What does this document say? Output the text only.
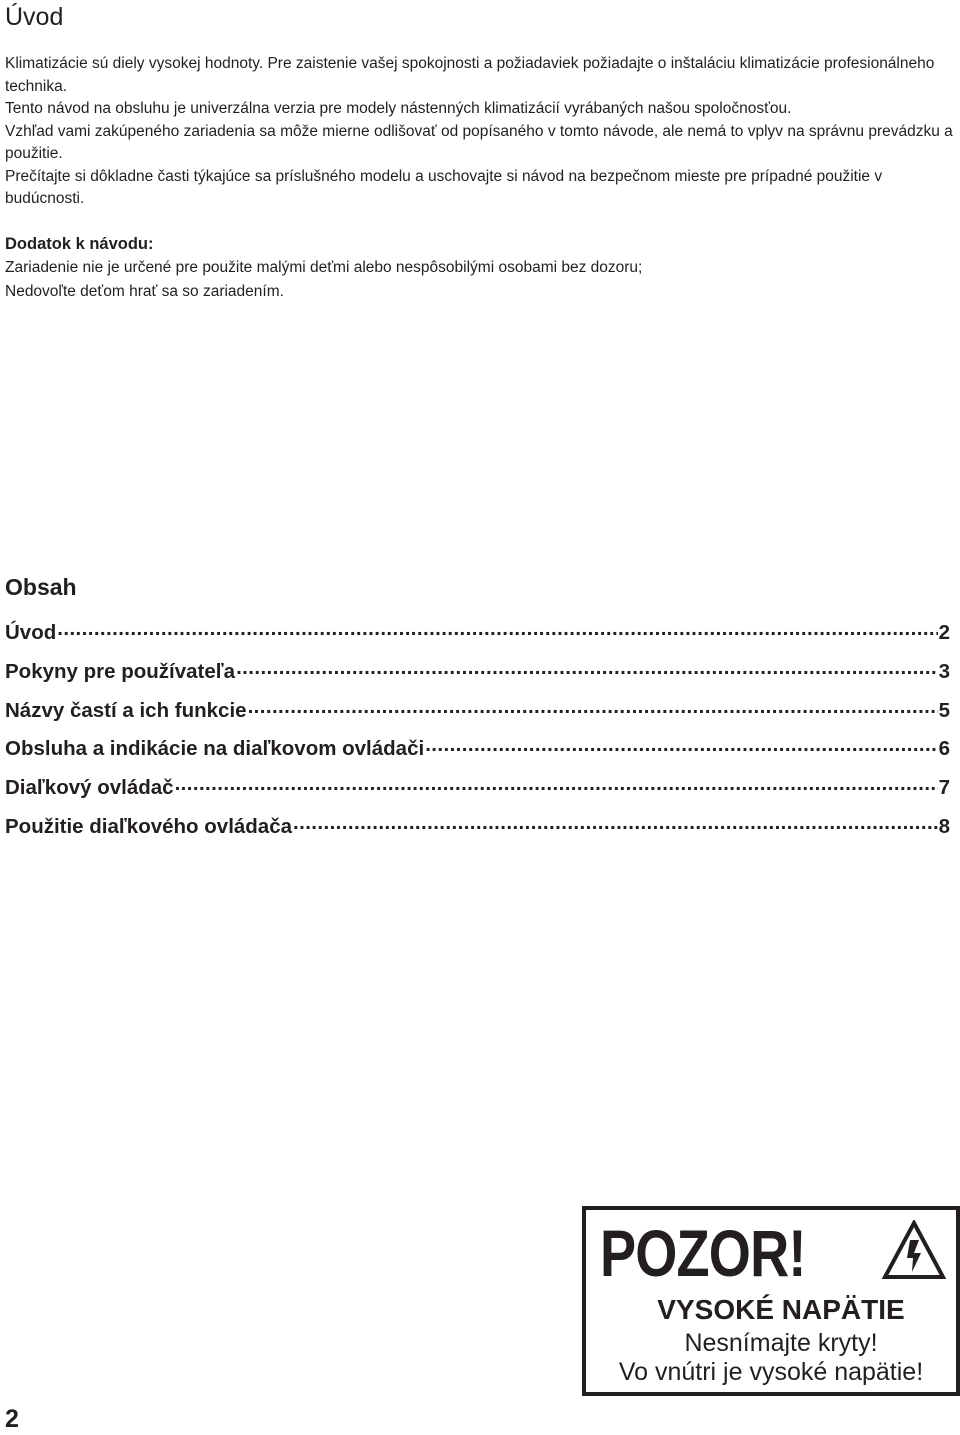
Úvod

Klimatizácie sú diely vysokej hodnoty. Pre zaistenie vašej spokojnosti a požiadaviek požiadajte o inštaláciu klimatizácie profesionálneho technika.

Tento návod na obsluhu je univerzálna verzia pre modely nástenných klimatizácií vyrábaných našou spoločnosťou.

Vzhľad vami zakúpeného zariadenia sa môže mierne odlišovať od popísaného v tomto návode, ale nemá to vplyv na správnu prevádzku a použitie.

Prečítajte si dôkladne časti týkajúce sa príslušného modelu a uschovajte si návod na bezpečnom mieste pre prípadné použitie v budúcnosti.

Dodatok k návodu:

Zariadenie nie je určené pre použite malými deťmi alebo nespôsobilými osobami bez dozoru;

Nedovoľte deťom hrať sa so zariadením.

Obsah
Úvod .....	2
Pokyny pre používateľa .....	3
Názvy častí a ich funkcie .....	5
Obsluha a indikácie na diaľkovom ovládači .....	6
Diaľkový ovládač .....	7
Použitie diaľkového ovládača .....	8
POZOR!
VYSOKÉ NAPÄTIE
Nesnímajte kryty!
Vo vnútri je vysoké napätie!
2
